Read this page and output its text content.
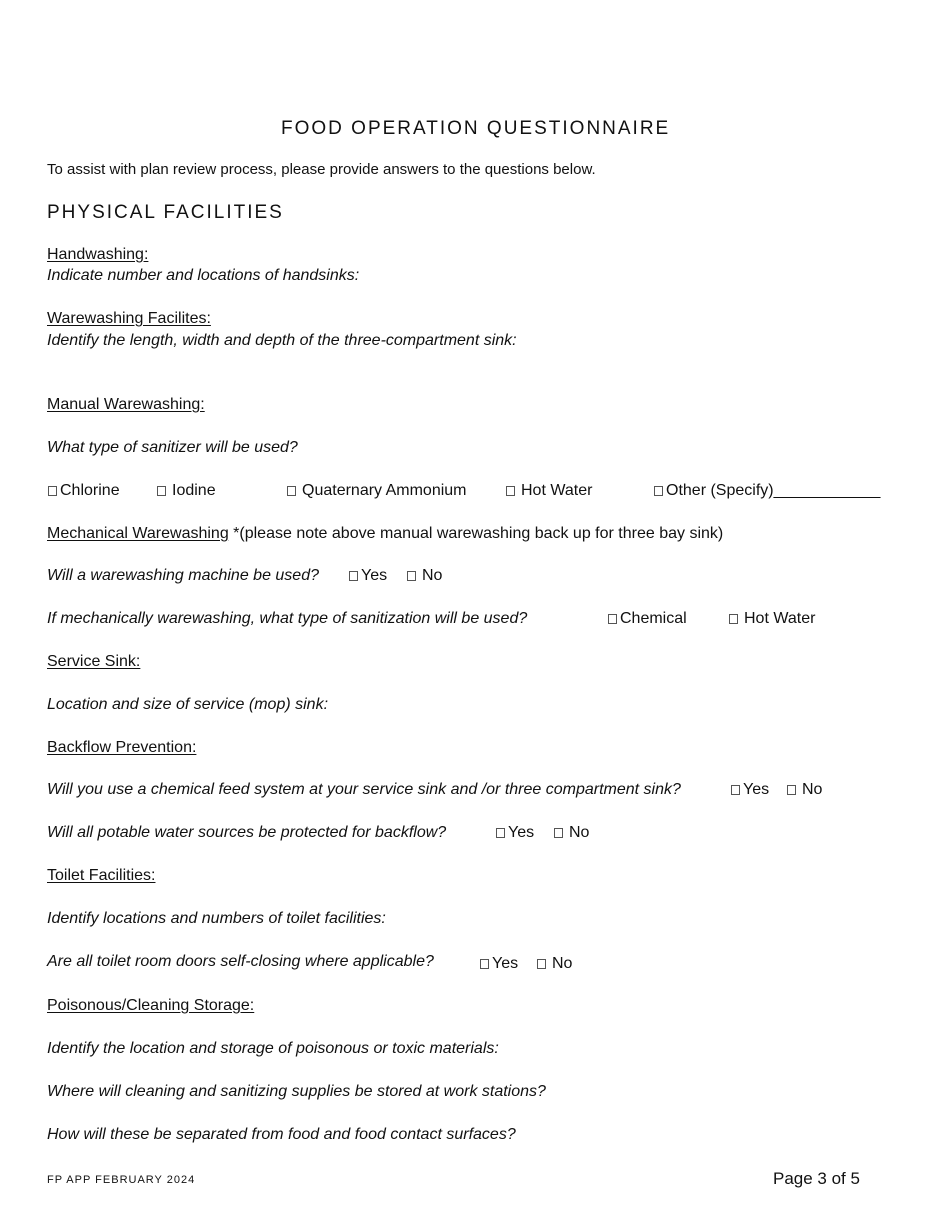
FOOD OPERATION QUESTIONNAIRE
To assist with plan review process, please provide answers to the questions below.
PHYSICAL FACILITIES
Handwashing:
Indicate number and locations of handsinks:
Warewashing Facilites:
Identify the length, width and depth of the three-compartment sink:
Manual Warewashing:
What type of sanitizer will be used?
Chlorine	Iodine	Quaternary Ammonium	Hot Water	Other (Specify)____________
Mechanical Warewashing *(please note above manual warewashing back up for three bay sink)
Will a warewashing machine be used?	Yes No
If mechanically warewashing, what type of sanitization will be used?	Chemical	Hot Water
Service Sink:
Location and size of service (mop) sink:
Backflow Prevention:
Will you use a chemical feed system at your service sink and /or three compartment sink?	Yes No
Will all potable water sources be protected for backflow?	Yes No
Toilet Facilities:
Identify locations and numbers of toilet facilities:
Are all toilet room doors self-closing where applicable?	Yes No
Poisonous/Cleaning Storage:
Identify the location and storage of poisonous or toxic materials:
Where will cleaning and sanitizing supplies be stored at work stations?
How will these be separated from food and food contact surfaces?
FP APP FEBRUARY 2024	Page 3 of 5
